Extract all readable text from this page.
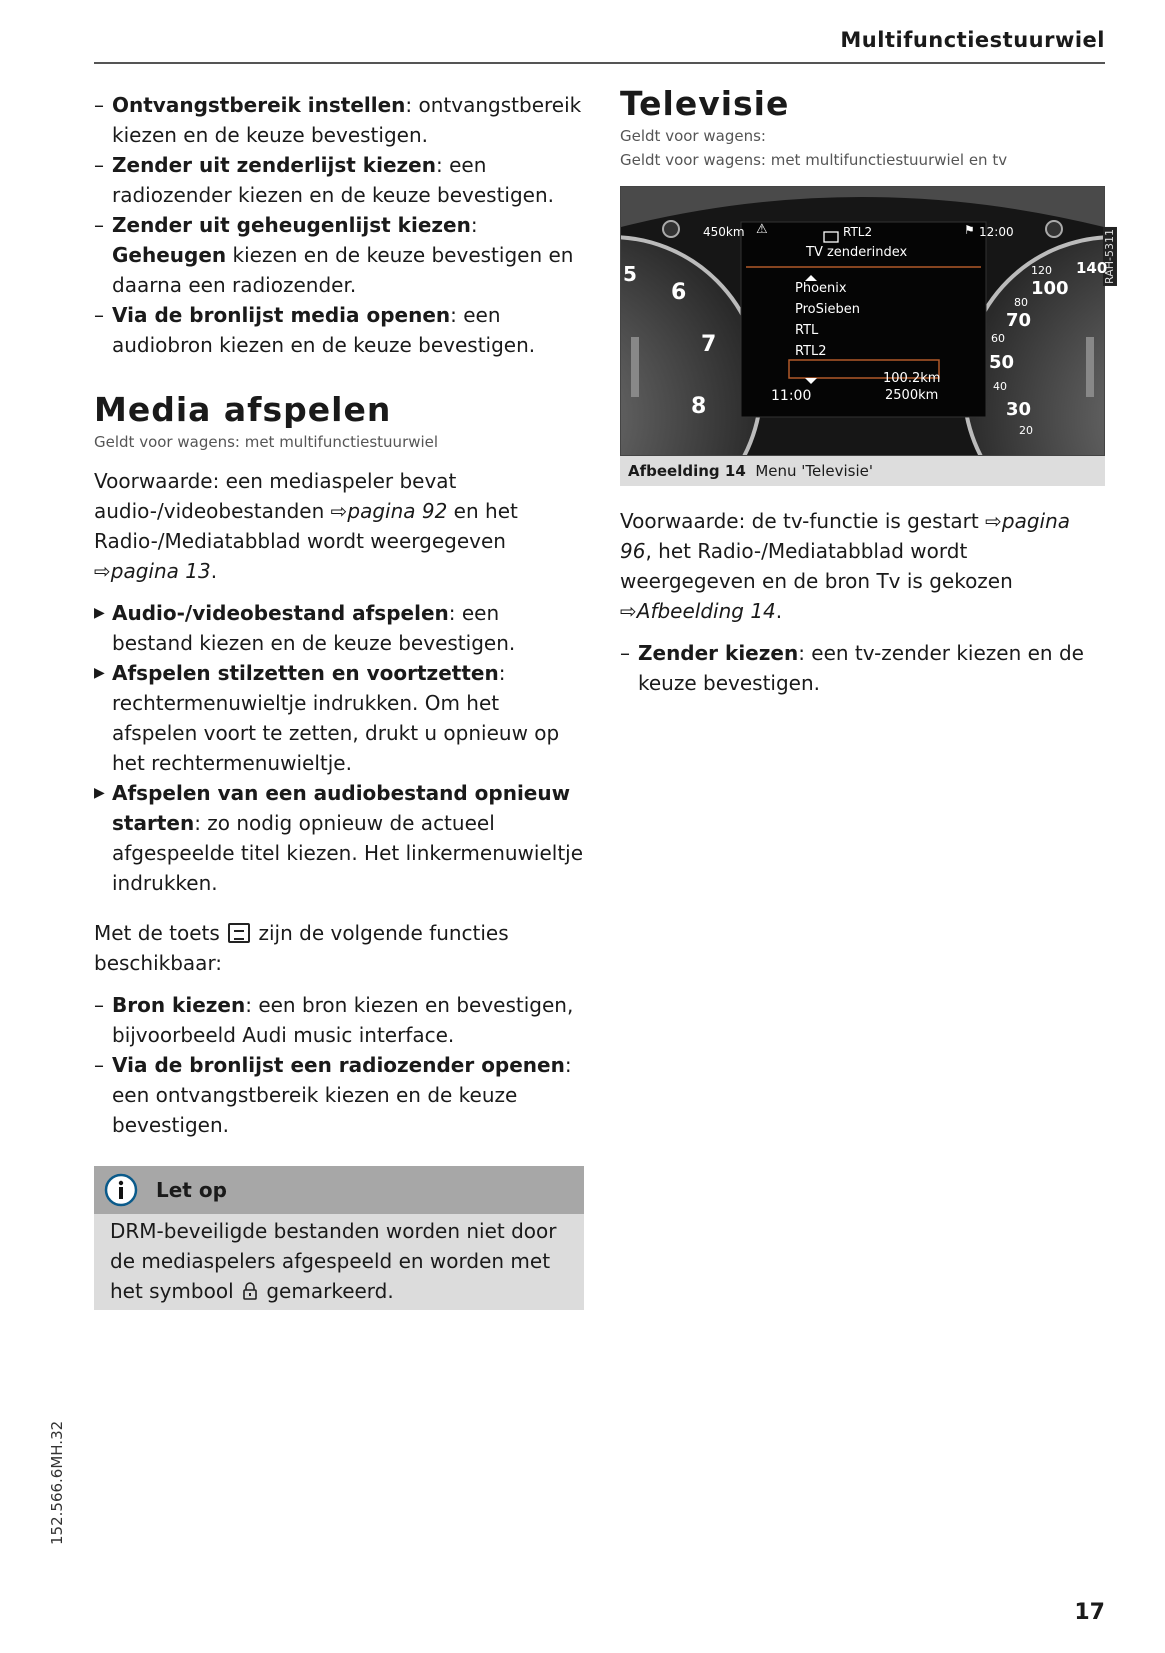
Multifunctiestuurwiel

– Ontvangstbereik instellen: ontvangstbereik kiezen en de keuze bevestigen.

– Zender uit zenderlijst kiezen: een radiozender kiezen en de keuze bevestigen.

– Zender uit geheugenlijst kiezen: Geheugen kiezen en de keuze bevestigen en daarna een radiozender.

– Via de bronlijst media openen: een audiobron kiezen en de keuze bevestigen.

Media afspelen

Geldt voor wagens: met multifunctiestuurwiel

Voorwaarde: een mediaspeler bevat audio-/videobestanden ⇨pagina 92 en het Radio-/Mediatabblad wordt weergegeven ⇨pagina 13.

▶ Audio-/videobestand afspelen: een bestand kiezen en de keuze bevestigen.

▶ Afspelen stilzetten en voortzetten: rechtermenuwieltje indrukken. Om het afspelen voort te zetten, drukt u opnieuw op het rechtermenuwieltje.

▶ Afspelen van een audiobestand opnieuw starten: zo nodig opnieuw de actueel afgespeelde titel kiezen. Het linkermenuwieltje indrukken.

Met de toets  zijn de volgende functies beschikbaar:

– Bron kiezen: een bron kiezen en bevestigen, bijvoorbeeld Audi music interface.

– Via de bronlijst een radiozender openen: een ontvangstbereik kiezen en de keuze bevestigen.

Let op

DRM-beveiligde bestanden worden niet door de mediaspelers afgespeeld en worden met het symbool  gemarkeerd.

Televisie

Geldt voor wagens:

Geldt voor wagens: met multifunctiestuurwiel en tv

RAH-5311
450km ⚠	RTL2	⚑ 12:00
TV zenderindex
Phoenix
ProSieben
RTL
RTL2
11:00
100.2km
2500km
5
6
7
8
120 140
100
80
70
60
50
40
30
20
Afbeelding 14 Menu 'Televisie'

Voorwaarde: de tv-functie is gestart ⇨pagina 96, het Radio-/Mediatabblad wordt weergegeven en de bron Tv is gekozen ⇨Afbeelding 14.

– Zender kiezen: een tv-zender kiezen en de keuze bevestigen.

152.566.6MH.32
17
